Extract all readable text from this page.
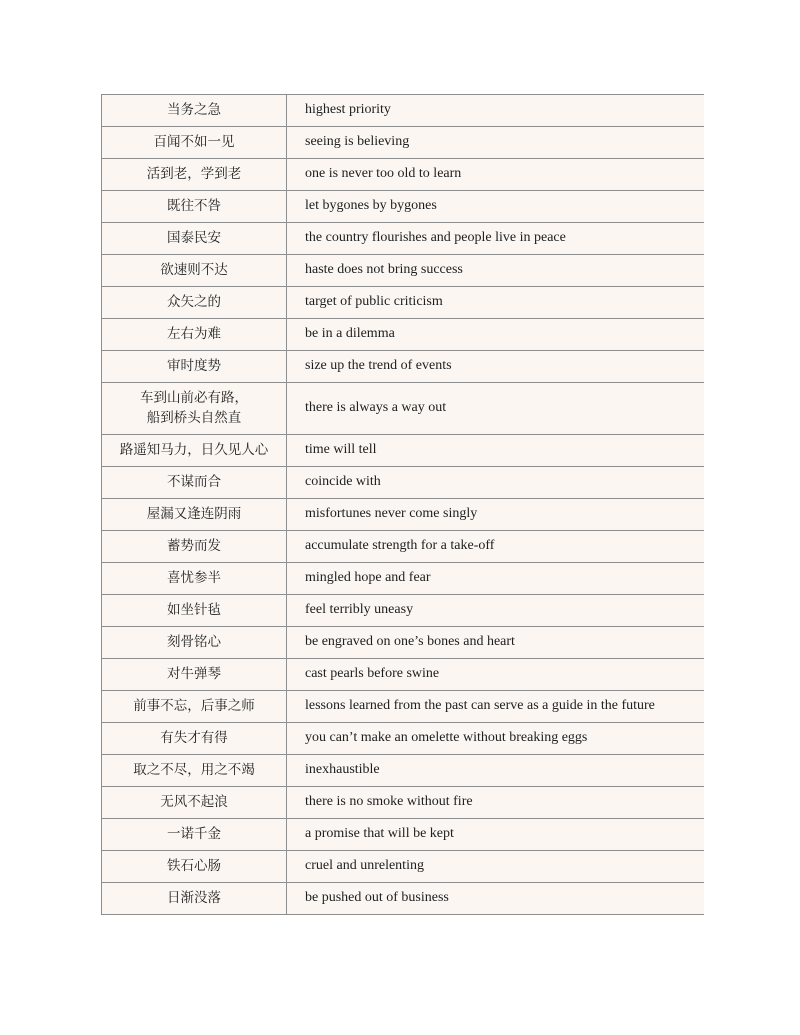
当务之急	highest priority
百闻不如一见	seeing is believing
活到老，学到老	one is never too old to learn
既往不咎	let bygones by bygones
国泰民安	the country flourishes and people live in peace
欲速则不达	haste does not bring success
众矢之的	target of public criticism
左右为难	be in a dilemma
审时度势	size up the trend of events
车到山前必有路，
船到桥头自然直	there is always a way out
路遥知马力，日久见人心	time will tell
不谋而合	coincide with
屋漏又逢连阴雨	misfortunes never come singly
蓄势而发	accumulate strength for a take-off
喜忧参半	mingled hope and fear
如坐针毡	feel terribly uneasy
刻骨铭心	be engraved on one’s bones and heart
对牛弹琴	cast pearls before swine
前事不忘，后事之师	lessons learned from the past can serve as a guide in the future
有失才有得	you can’t make an omelette without breaking eggs
取之不尽，用之不竭	inexhaustible
无风不起浪	there is no smoke without fire
一诺千金	a promise that will be kept
铁石心肠	cruel and unrelenting
日渐没落	be pushed out of business
